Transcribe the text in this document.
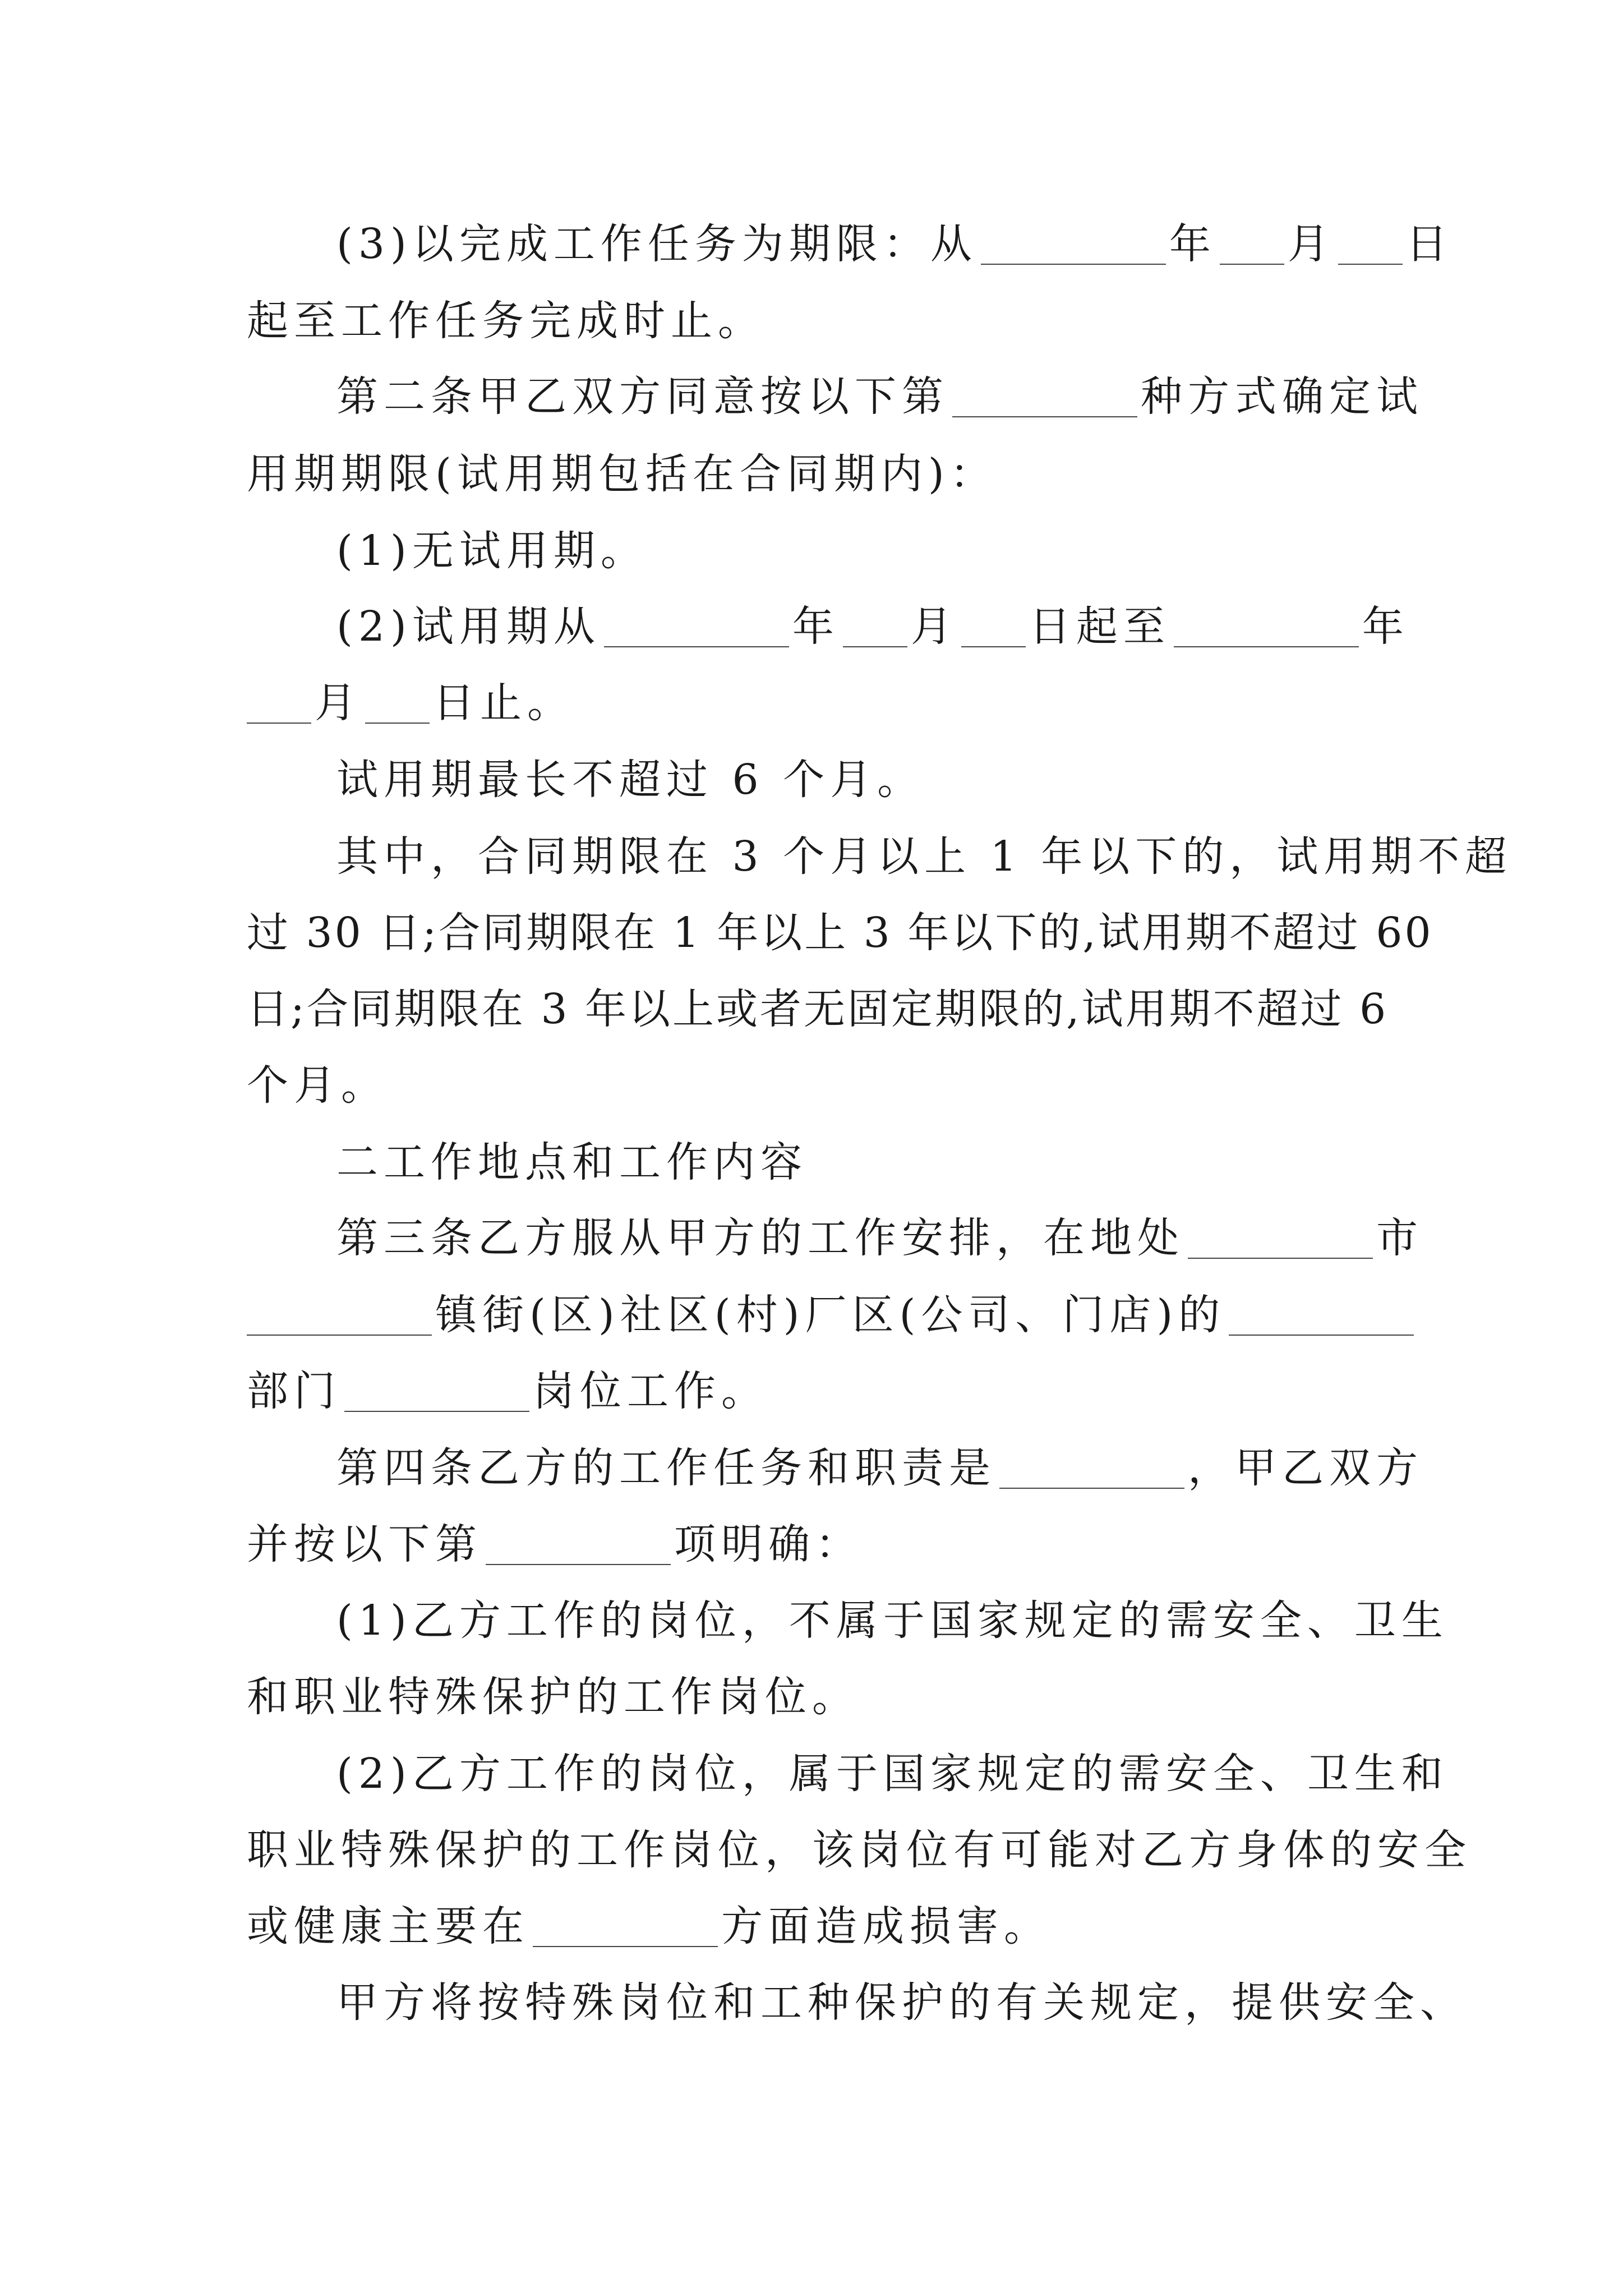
(3)以完成工作任务为期限：从	年 月 日
起至工作任务完成时止。
第二条甲乙双方同意按以下第	种方式确定试
用期期限(试用期包括在合同期内)：
(1)无试用期。
(2)试用期从	年 月 日起至	年
月 日止。
试用期最长不超过 6 个月。
其中，合同期限在 3 个月以上 1 年以下的，试用期不超
过 30 日;合同期限在 1 年以上 3 年以下的,试用期不超过 60
日;合同期限在 3 年以上或者无固定期限的,试用期不超过 6
个月。
二工作地点和工作内容
第三条乙方服从甲方的工作安排，在地处	市
镇街(区)社区(村)厂区(公司、门店)的
部门	岗位工作。
第四条乙方的工作任务和职责是	，甲乙双方
并按以下第	项明确：
(1)乙方工作的岗位，不属于国家规定的需安全、卫生
和职业特殊保护的工作岗位。
(2)乙方工作的岗位，属于国家规定的需安全、卫生和
职业特殊保护的工作岗位，该岗位有可能对乙方身体的安全
或健康主要在	方面造成损害。
甲方将按特殊岗位和工种保护的有关规定，提供安全、
